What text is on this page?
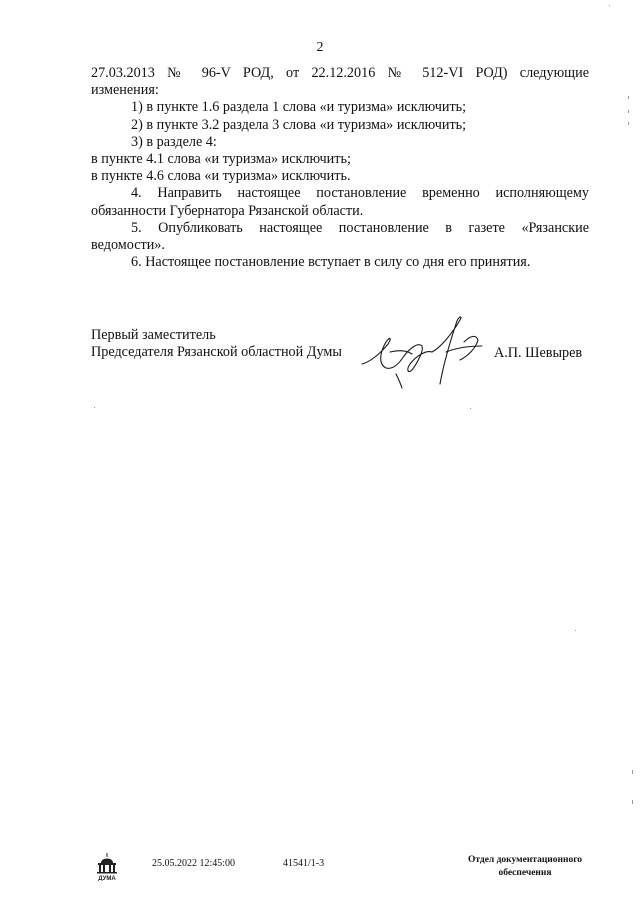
2

27.03.2013 № 96-V РОД, от 22.12.2016 № 512-VI РОД) следующие

изменения:

1) в пункте 1.6 раздела 1 слова «и туризма» исключить;

2) в пункте 3.2 раздела 3 слова «и туризма» исключить;

3) в разделе 4:

в пункте 4.1 слова «и туризма» исключить;

в пункте 4.6 слова «и туризма» исключить.

4. Направить настоящее постановление временно исполняющему

обязанности Губернатора Рязанской области.

5. Опубликовать настоящее постановление в газете «Рязанские

ведомости».

6. Настоящее постановление вступает в силу со дня его принятия.

Первый заместитель

Председателя Рязанской областной Думы	А.П. Шевырев
ДУМА
25.05.2022 12:45:00	41541/1-3	Отдел документационного
обеспечения
